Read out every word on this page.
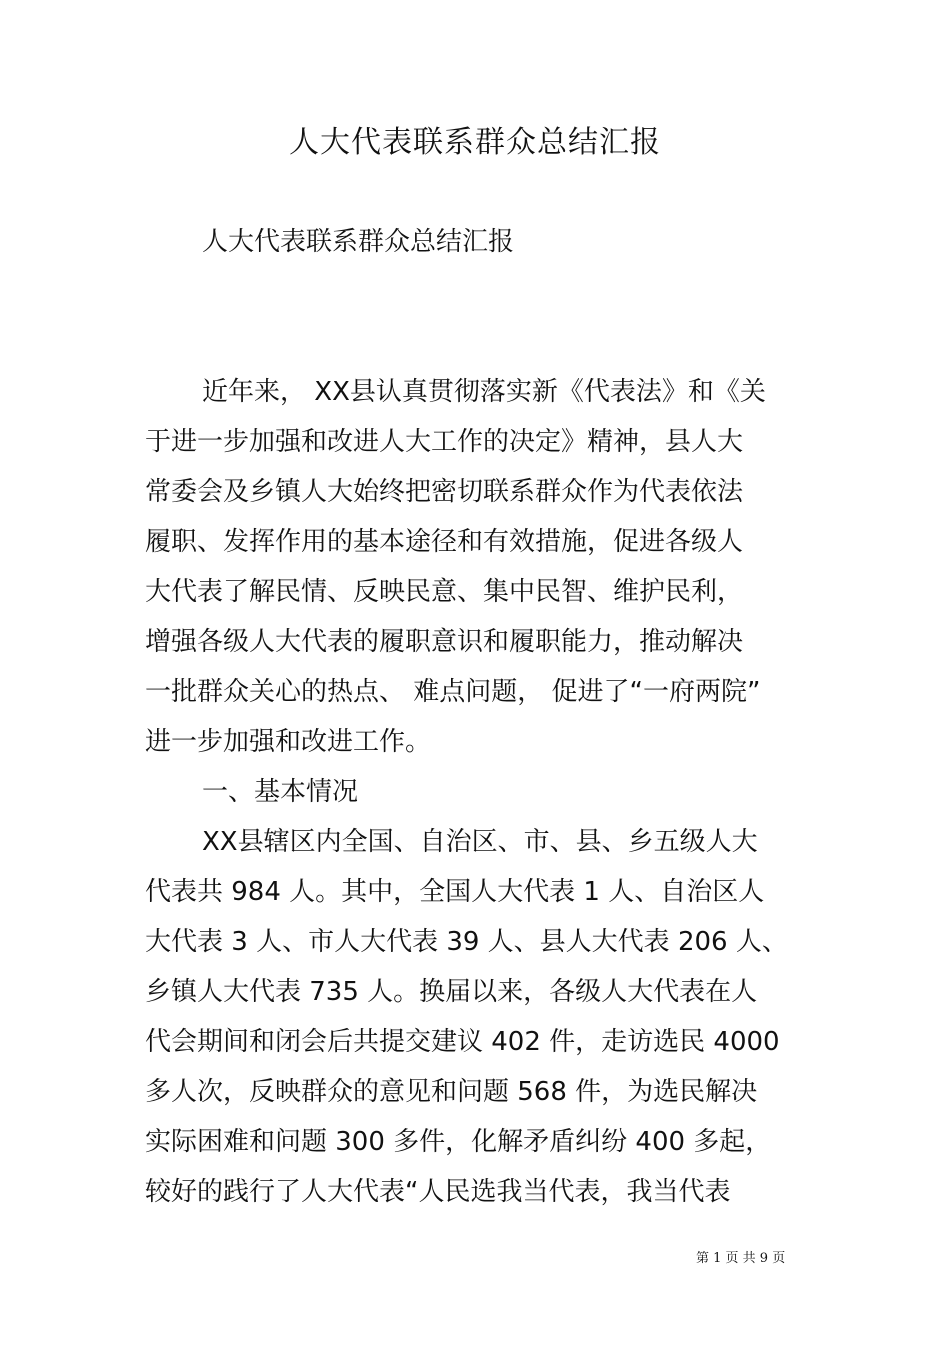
人大代表联系群众总结汇报
人大代表联系群众总结汇报
近年来， XX县认真贯彻落实新《代表法》和《关
于进一步加强和改进人大工作的决定》精神，县人大
常委会及乡镇人大始终把密切联系群众作为代表依法
履职、发挥作用的基本途径和有效措施，促进各级人
大代表了解民情、反映民意、集中民智、维护民利，
增强各级人大代表的履职意识和履职能力，推动解决
一批群众关心的热点、 难点问题， 促进了“一府两院”
进一步加强和改进工作。
一、基本情况
XX县辖区内全国、自治区、市、县、乡五级人大
代表共 984 人。其中，全国人大代表 1 人、自治区人
大代表 3 人、市人大代表 39 人、县人大代表 206 人、
乡镇人大代表 735 人。换届以来，各级人大代表在人
代会期间和闭会后共提交建议 402 件，走访选民 4000
多人次，反映群众的意见和问题 568 件，为选民解决
实际困难和问题 300 多件，化解矛盾纠纷 400 多起，
较好的践行了人大代表“人民选我当代表，我当代表
第 1 页 共 9 页
